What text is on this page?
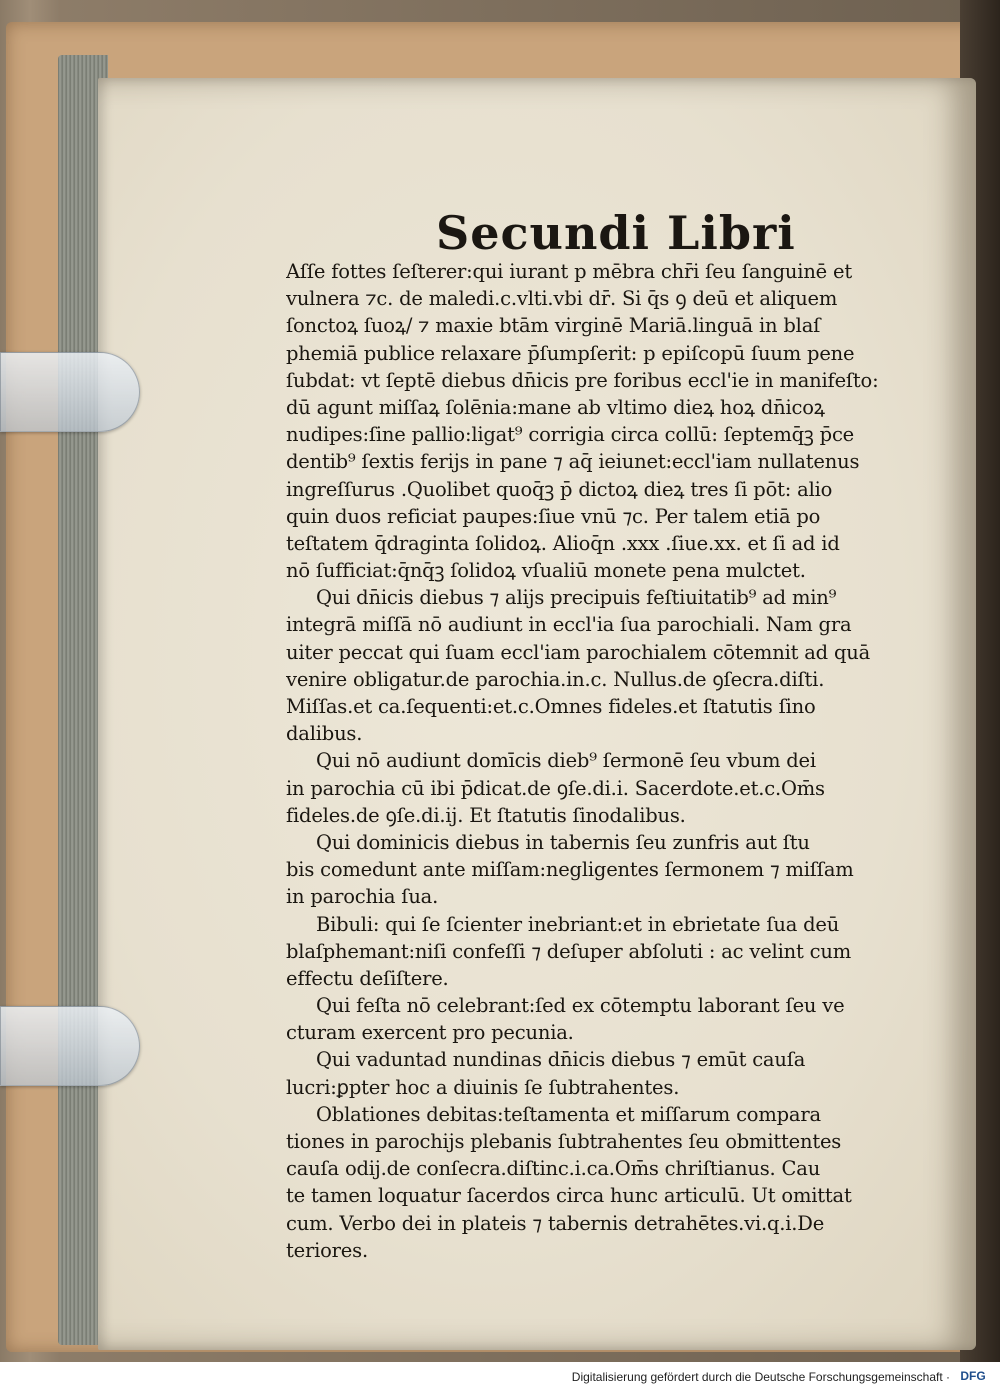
Secundi Libri
Aſſe fottes ſeſterer:qui iurant p mēbra chr̄i ſeu ſanguinē et
vulnera ⁊c. de maledi.c.vlti.vbi dr̄. Si q̄s ꝯ deū et aliquem
ſonctoꝝ ſuoꝝ/ ⁊ maxie btām virginē Mariā.linguā in blaſ
phemiā publice relaxare p̄ſumpſerit: p epiſcopū ſuum pene
ſubdat: vt ſeptē diebus dn̄icis pre foribus eccl'ie in manifeſto:
dū agunt miſſaꝝ ſolēnia:mane ab vltimo dieꝝ hoꝝ dn̄icoꝝ
nudipes:ſine pallio:ligat⁹ corrigia circa collū: ſeptemq̄ꝫ p̄ce
dentib⁹ ſextis ferijs in pane ⁊ aq̄ ieiunet:eccl'iam nullatenus
ingreſſurus .Quolibet quoq̄ꝫ p̄ dictoꝝ dieꝝ tres ſi pōt: alio
quin duos reficiat paupes:ſiue vnū ⁊c. Per talem etiā po
teſtatem q̄draginta ſolidoꝝ. Alioq̄n .xxx .ſiue.xx. et ſi ad id
nō ſufficiat:q̄nq̄ꝫ ſolidoꝝ vſualiū monete pena mulctet.
Qui dn̄icis diebus ⁊ alijs precipuis feſtiuitatib⁹ ad min⁹
integrā miſſā nō audiunt in eccl'ia ſua parochiali. Nam gra
uiter peccat qui ſuam eccl'iam parochialem cōtemnit ad quā
venire obligatur.de parochia.in.c. Nullus.de ꝯſecra.diſti.
Miſſas.et ca.ſequenti:et.c.Omnes fideles.et ſtatutis ſino
dalibus.
Qui nō audiunt domīcis dieb⁹ ſermonē ſeu vbum dei
in parochia cū ibi p̄dicat.de ꝯſe.di.i. Sacerdote.et.c.Om̄s
fideles.de ꝯſe.di.ij. Et ſtatutis ſinodalibus.
Qui dominicis diebus in tabernis ſeu zunfris aut ſtu
bis comedunt ante miſſam:negligentes ſermonem ⁊ miſſam
in parochia ſua.
Bibuli: qui ſe ſcienter inebriant:et in ebrietate ſua deū
blaſphemant:niſi confeſſi ⁊ deſuper abſoluti : ac velint cum
effectu deſiſtere.
Qui feſta nō celebrant:ſed ex cōtemptu laborant ſeu ve
cturam exercent pro pecunia.
Qui vaduntad nundinas dn̄icis diebus ⁊ emūt cauſa
lucri:ꝑpter hoc a diuinis ſe ſubtrahentes.
Oblationes debitas:teſtamenta et miſſarum compara
tiones in parochijs plebanis ſubtrahentes ſeu obmittentes
cauſa odij.de conſecra.diſtinc.i.ca.Om̄s chriſtianus. Cau
te tamen loquatur ſacerdos circa hunc articulū. Ut omittat
cum. Verbo dei in plateis ⁊ tabernis detrahētes.vi.q.i.De
teriores.
Digitalisierung gefördert durch die Deutsche Forschungsgemeinschaft · DFG
